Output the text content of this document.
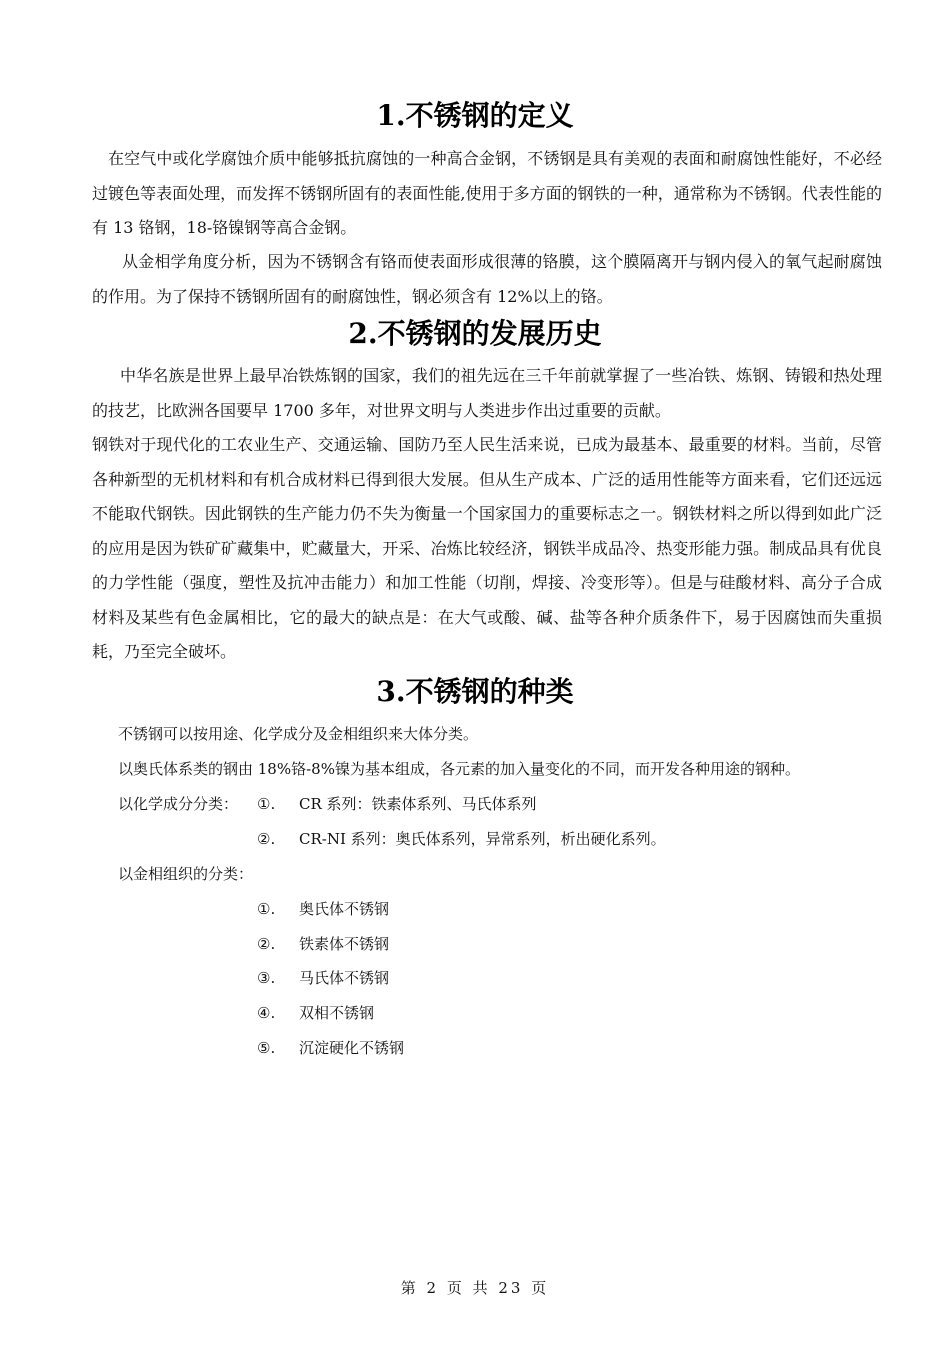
1.不锈钢的定义

在空气中或化学腐蚀介质中能够抵抗腐蚀的一种高合金钢，不锈钢是具有美观的表面和耐腐蚀性能好，不必经过镀色等表面处理，而发挥不锈钢所固有的表面性能,使用于多方面的钢铁的一种，通常称为不锈钢。代表性能的有 13 铬钢，18-铬镍钢等高合金钢。

从金相学角度分析，因为不锈钢含有铬而使表面形成很薄的铬膜，这个膜隔离开与钢内侵入的氧气起耐腐蚀的作用。为了保持不锈钢所固有的耐腐蚀性，钢必须含有 12%以上的铬。

2.不锈钢的发展历史

中华名族是世界上最早冶铁炼钢的国家，我们的祖先远在三千年前就掌握了一些冶铁、炼钢、铸锻和热处理的技艺，比欧洲各国要早 1700 多年，对世界文明与人类进步作出过重要的贡献。

钢铁对于现代化的工农业生产、交通运输、国防乃至人民生活来说，已成为最基本、最重要的材料。当前，尽管各种新型的无机材料和有机合成材料已得到很大发展。但从生产成本、广泛的适用性能等方面来看，它们还远远不能取代钢铁。因此钢铁的生产能力仍不失为衡量一个国家国力的重要标志之一。钢铁材料之所以得到如此广泛的应用是因为铁矿矿藏集中，贮藏量大，开采、冶炼比较经济，钢铁半成品冷、热变形能力强。制成品具有优良的力学性能（强度，塑性及抗冲击能力）和加工性能（切削，焊接、冷变形等）。但是与硅酸材料、高分子合成材料及某些有色金属相比，它的最大的缺点是：在大气或酸、碱、盐等各种介质条件下，易于因腐蚀而失重损耗，乃至完全破坏。

3.不锈钢的种类

不锈钢可以按用途、化学成分及金相组织来大体分类。

以奥氏体系类的钢由 18%铬-8%镍为基本组成，各元素的加入量变化的不同，而开发各种用途的钢种。

以化学成分分类： ①. CR 系列：铁素体系列、马氏体系列

②. CR-NI 系列：奥氏体系列，异常系列，析出硬化系列。

以金相组织的分类：

①. 奥氏体不锈钢

②. 铁素体不锈钢

③. 马氏体不锈钢

④. 双相不锈钢

⑤. 沉淀硬化不锈钢

第 2 页 共 23 页
